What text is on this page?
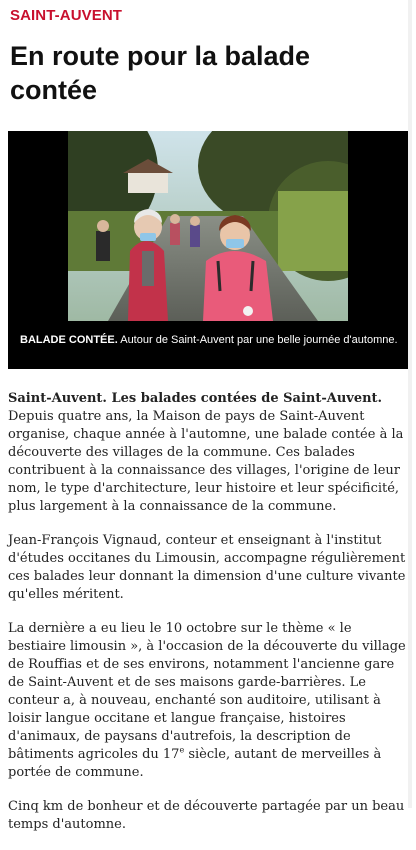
SAINT-AUVENT
En route pour la balade contée
BALADE CONTÉE. Autour de Saint-Auvent par une belle journée d'automne.

Saint-Auvent. Les balades contées de Saint-Auvent. Depuis quatre ans, la Maison de pays de Saint-Auvent organise, chaque année à l'automne, une balade contée à la découverte des villages de la commune. Ces balades contribuent à la connaissance des villages, l'origine de leur nom, le type d'architecture, leur histoire et leur spécificité, plus largement à la connaissance de la commune.

Jean-François Vignaud, conteur et enseignant à l'institut d'études occitanes du Limousin, accompagne régulièrement ces balades leur donnant la dimension d'une culture vivante qu'elles méritent.

La dernière a eu lieu le 10 octobre sur le thème « le bestiaire limousin », à l'occasion de la découverte du village de Rouffias et de ses environs, notamment l'ancienne gare de Saint-Auvent et de ses maisons garde-barrières. Le conteur a, à nouveau, enchanté son auditoire, utilisant à loisir langue occitane et langue française, histoires d'animaux, de paysans d'autrefois, la description de bâtiments agricoles du 17e siècle, autant de merveilles à portée de commune.

Cinq km de bonheur et de découverte partagée par un beau temps d'automne.
